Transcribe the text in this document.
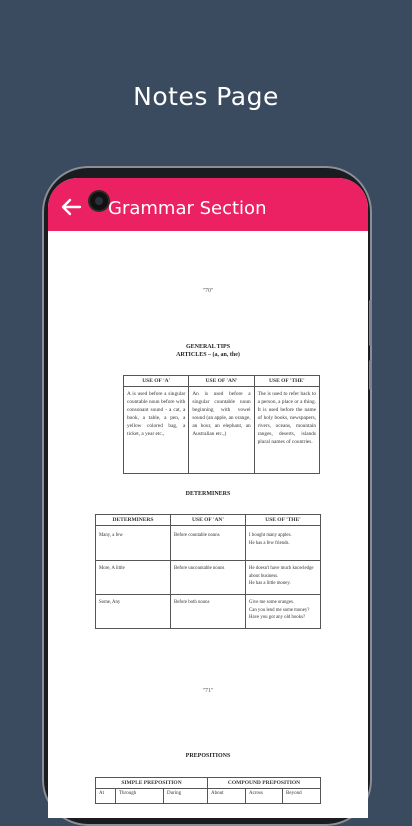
Notes Page
Grammar Section
"70"
GENERAL TIPS
ARTICLES – (a, an, the)
USE OF 'A'	USE OF 'AN'	USE OF 'THE'
A is used before a singular countable noun before with consonant sound - a cat, a book, a table, a pen, a yellow colored bag, a ticket, a year etc.,	An is used before a singular countable noun beginning with vowel sound (an apple, an orange, an hour, an elephant, an Australian etc.,)	The is used to refer back to a person, a place or a thing. It is used before the name of holy books, newspapers, rivers, oceans, mountain ranges, deserts, islands plural names of countries.
DETERMINERS
DETERMINERS	USE OF 'AN'	USE OF 'THE'
Many, a few	Before countable nouns	I bought many apples.
He has a few friends.

More, A little	Before uncountable nouns	He doesn't have much knowledge about business.
He has a little money.

Some, Any	Before both nouns	Give me some oranges.
Can you lend me some money?
Have you got any old books?
"71"
PREPOSITIONS
SIMPLE PREPOSITION			COMPOUND PREPOSITION		
At	Through	During	About	Across	Beyond
